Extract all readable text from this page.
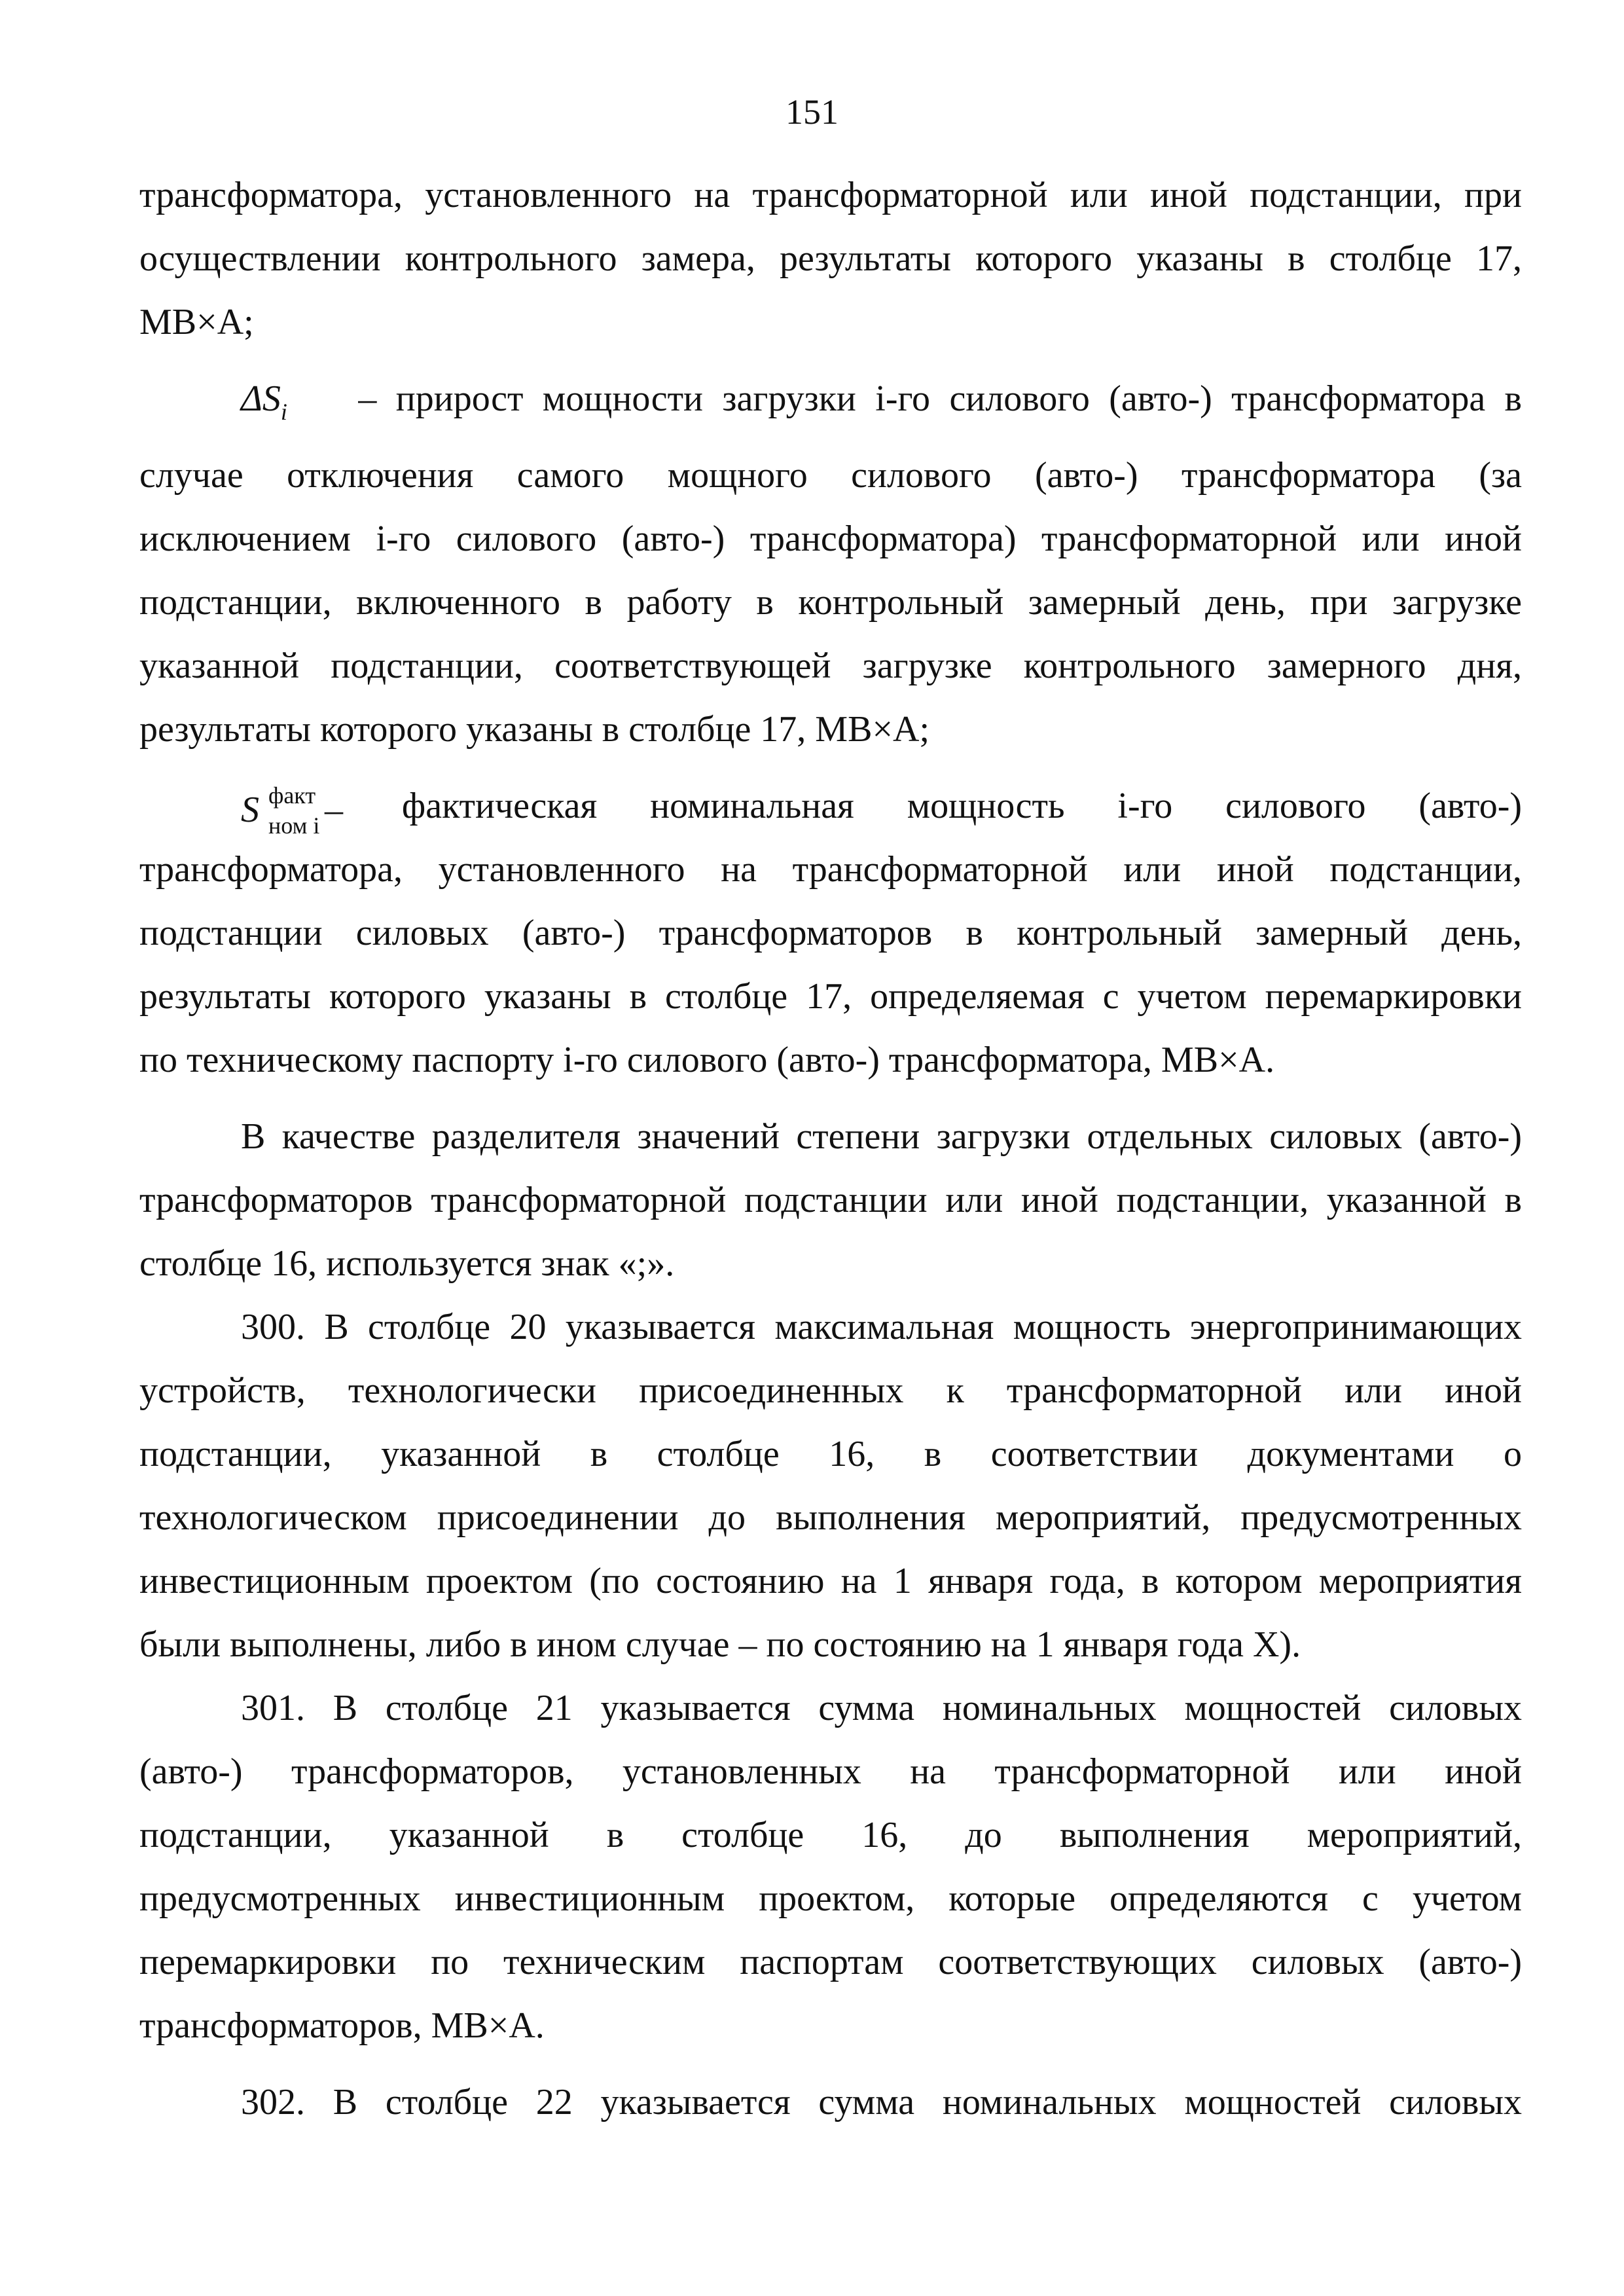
151
трансформатора, установленного на трансформаторной или иной подстанции, при
осуществлении контрольного замера, результаты которого указаны в столбце 17,
МВ×А;
$\Delta S_i$ – прирост мощности загрузки i-го силового (авто-) трансформатора в
случае отключения самого мощного силового (авто-) трансформатора (за
исключением i-го силового (авто-) трансформатора) трансформаторной или иной
подстанции, включенного в работу в контрольный замерный день, при загрузке
указанной подстанции, соответствующей загрузке контрольного замерного дня,
результаты которого указаны в столбце 17, МВ×А;
S факт
ном i – фактическая номинальная мощность i-го силового (авто-)
трансформатора, установленного на трансформаторной или иной подстанции,
подстанции силовых (авто-) трансформаторов в контрольный замерный день,
результаты которого указаны в столбце 17, определяемая с учетом перемаркировки
по техническому паспорту i-го силового (авто-) трансформатора, МВ×А.
В качестве разделителя значений степени загрузки отдельных силовых (авто-)
трансформаторов трансформаторной подстанции или иной подстанции, указанной в
столбце 16, используется знак «;».
300. В столбце 20 указывается максимальная мощность энергопринимающих
устройств, технологически присоединенных к трансформаторной или иной
подстанции, указанной в столбце 16, в соответствии документами о
технологическом присоединении до выполнения мероприятий, предусмотренных
инвестиционным проектом (по состоянию на 1 января года, в котором мероприятия
были выполнены, либо в ином случае – по состоянию на 1 января года X).
301. В столбце 21 указывается сумма номинальных мощностей силовых
(авто-) трансформаторов, установленных на трансформаторной или иной
подстанции, указанной в столбце 16, до выполнения мероприятий,
предусмотренных инвестиционным проектом, которые определяются с учетом
перемаркировки по техническим паспортам соответствующих силовых (авто-)
трансформаторов, МВ×А.
302. В столбце 22 указывается сумма номинальных мощностей силовых
